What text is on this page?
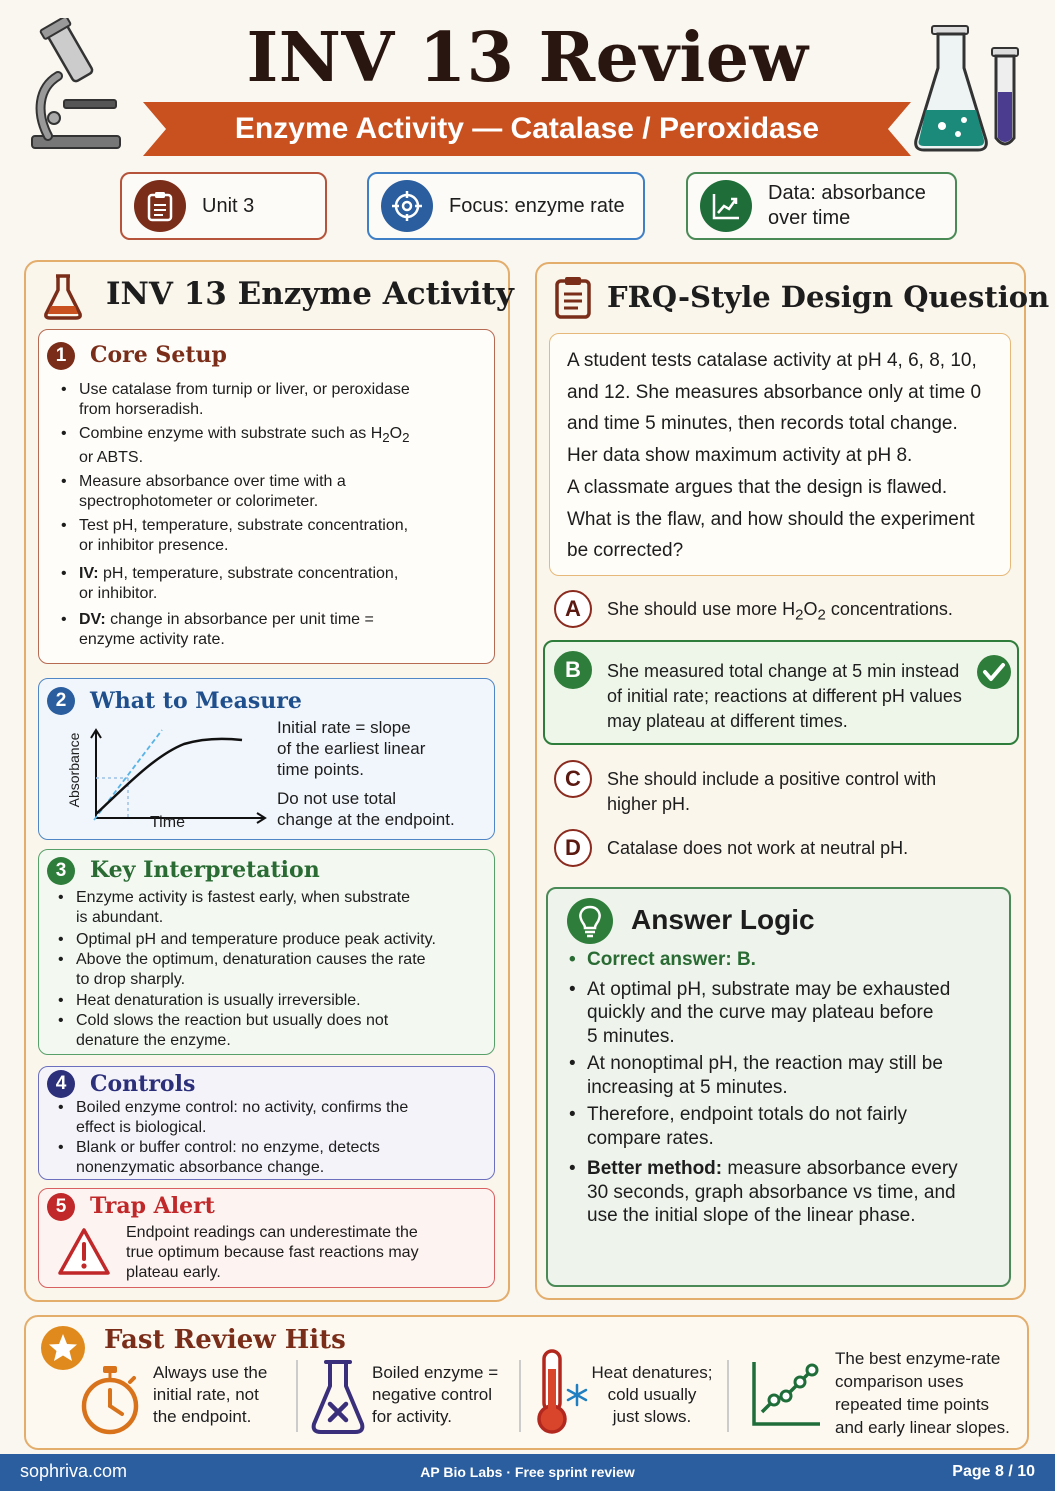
INV 13 Review
Enzyme Activity — Catalase / Peroxidase
Unit 3	Focus: enzyme rate
Data: absorbance
over time
INV 13 Enzyme Activity
1	Core Setup
• Use catalase from turnip or liver, or peroxidase
from horseradish.
• Combine enzyme with substrate such as $H_2O_2$
or ABTS.
• Measure absorbance over time with a
spectrophotometer or colorimeter.
• Test pH, temperature, substrate concentration,
or inhibitor presence.
• IV: pH, temperature, substrate concentration,
or inhibitor.
• DV: change in absorbance per unit time =
enzyme activity rate.
2	What to Measure
Absorbance
Time
Initial rate = slope
of the earliest linear
time points.
Do not use total
change at the endpoint.
3	Key Interpretation
• Enzyme activity is fastest early, when substrate
is abundant.
• Optimal pH and temperature produce peak activity.
• Above the optimum, denaturation causes the rate
to drop sharply.
• Heat denaturation is usually irreversible.
• Cold slows the reaction but usually does not
denature the enzyme.
4	Controls
• Boiled enzyme control: no activity, confirms the
effect is biological.
• Blank or buffer control: no enzyme, detects
nonenzymatic absorbance change.
5	Trap Alert
Endpoint readings can underestimate the
true optimum because fast reactions may
plateau early.
FRQ-Style Design Question
A student tests catalase activity at pH 4, 6, 8, 10,
and 12. She measures absorbance only at time 0
and time 5 minutes, then records total change.
Her data show maximum activity at pH 8.
A classmate argues that the design is flawed.
What is the flaw, and how should the experiment
be corrected?
A	She should use more $H_2O_2$ concentrations.
B	She measured total change at 5 min instead
of initial rate; reactions at different pH values
may plateau at different times.
C	She should include a positive control with
higher pH.
D	Catalase does not work at neutral pH.
Answer Logic
• Correct answer: B.
• At optimal pH, substrate may be exhausted
quickly and the curve may plateau before
5 minutes.
• At nonoptimal pH, the reaction may still be
increasing at 5 minutes.
• Therefore, endpoint totals do not fairly
compare rates.
• Better method: measure absorbance every
30 seconds, graph absorbance vs time, and
use the initial slope of the linear phase.
Fast Review Hits
Always use the
initial rate, not
the endpoint.
Boiled enzyme =
negative control
for activity.
Heat denatures;
cold usually
just slows.
The best enzyme-rate
comparison uses
repeated time points
and early linear slopes.
sophriva.com	AP Bio Labs · Free sprint review	Page 8 / 10
